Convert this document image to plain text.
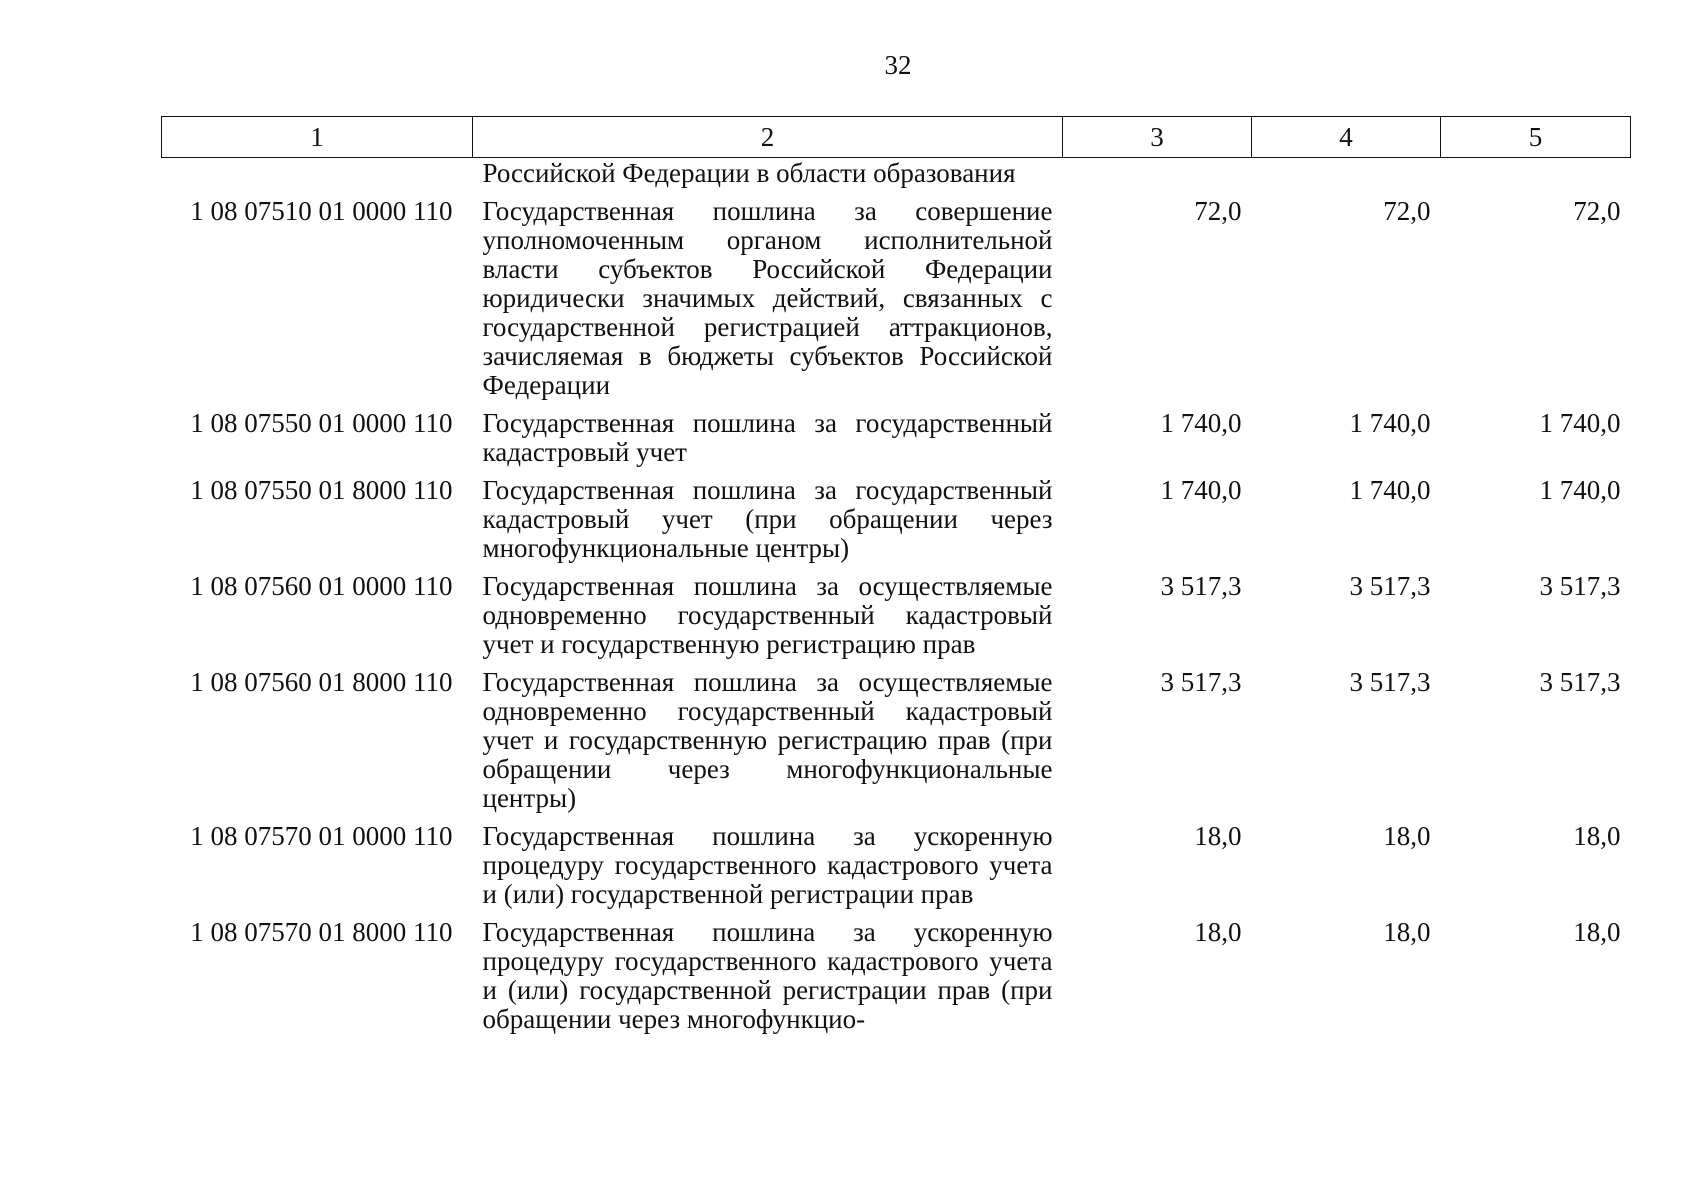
32
1	2	3	4	5
	Российской Федерации в области образования			
1 08 07510 01 0000 110	Государственная пошлина за совершение уполномоченным органом исполнительной власти субъектов Российской Федерации юридически значимых действий, связанных с государственной регистрацией аттракционов, зачисляемая в бюджеты субъектов Российской Федерации	72,0	72,0	72,0
1 08 07550 01 0000 110	Государственная пошлина за государственный кадастровый учет	1 740,0	1 740,0	1 740,0
1 08 07550 01 8000 110	Государственная пошлина за государственный кадастровый учет (при обращении через многофункциональные центры)	1 740,0	1 740,0	1 740,0
1 08 07560 01 0000 110	Государственная пошлина за осуществляемые одновременно государственный кадастровый учет и государственную регистрацию прав	3 517,3	3 517,3	3 517,3
1 08 07560 01 8000 110	Государственная пошлина за осуществляемые одновременно государственный кадастровый учет и государственную регистрацию прав (при обращении через многофункциональные центры)	3 517,3	3 517,3	3 517,3
1 08 07570 01 0000 110	Государственная пошлина за ускоренную процедуру государственного кадастрового учета и (или) государственной регистрации прав	18,0	18,0	18,0
1 08 07570 01 8000 110	Государственная пошлина за ускоренную процедуру государственного кадастрового учета и (или) государственной регистрации прав (при обращении через многофункцио-	18,0	18,0	18,0
